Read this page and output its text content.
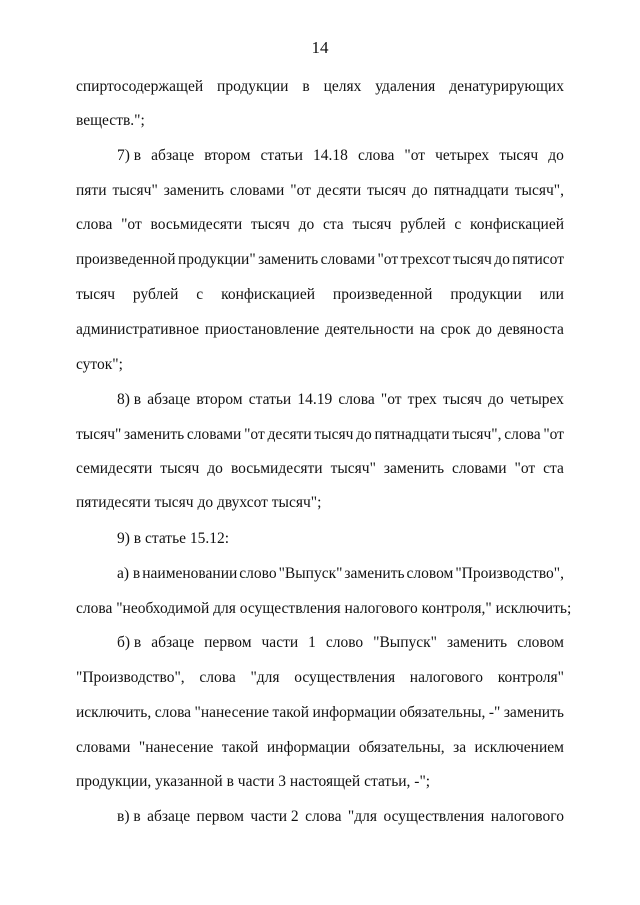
14
спиртосодержащей продукции в целях удаления денатурирующих
веществ.";
7) в абзаце втором статьи 14.18 слова "от четырех тысяч до
пяти тысяч" заменить словами "от десяти тысяч до пятнадцати тысяч",
слова "от восьмидесяти тысяч до ста тысяч рублей с конфискацией
произведенной продукции" заменить словами "от трехсот тысяч до пятисот
тысяч рублей с конфискацией произведенной продукции или
административное приостановление деятельности на срок до девяноста
суток";
8) в абзаце втором статьи 14.19 слова "от трех тысяч до четырех
тысяч" заменить словами "от десяти тысяч до пятнадцати тысяч", слова "от
семидесяти тысяч до восьмидесяти тысяч" заменить словами "от ста
пятидесяти тысяч до двухсот тысяч";
9) в статье 15.12:
а) в наименовании слово "Выпуск" заменить словом "Производство",
слова "необходимой для осуществления налогового контроля," исключить;
б) в абзаце первом части 1 слово "Выпуск" заменить словом
"Производство", слова "для осуществления налогового контроля"
исключить, слова "нанесение такой информации обязательны, -" заменить
словами "нанесение такой информации обязательны, за исключением
продукции, указанной в части 3 настоящей статьи, -";
в) в абзаце первом части 2 слова "для осуществления налогового
